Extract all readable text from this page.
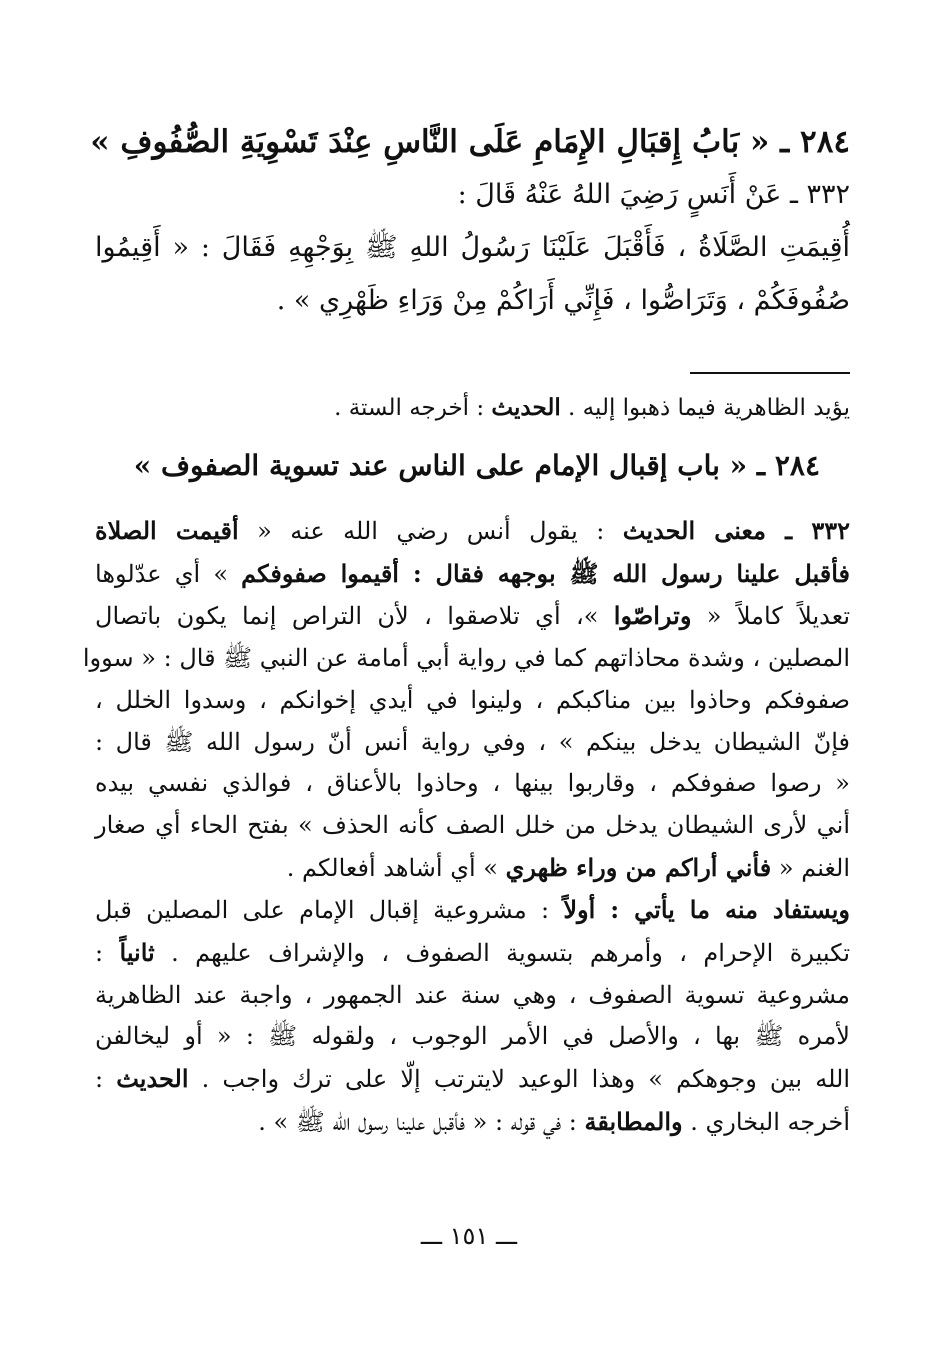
٢٨٤ ـ « بَابُ إِقبَالِ الإِمَامِ عَلَى النَّاسِ عِنْدَ تَسْوِيَةِ الصُّفُوفِ »
٣٣٢ ـ عَنْ أَنَسٍ رَضِيَ اللهُ عَنْهُ قَالَ :
أُقِيمَتِ الصَّلَاةُ ، فَأَقْبَلَ عَلَيْنَا رَسُولُ اللهِ ﷺ بِوَجْهِهِ فَقَالَ : « أَقِيمُوا
صُفُوفَكُمْ ، وَتَرَاصُّوا ، فَإِنِّي أَرَاكُمْ مِنْ وَرَاءِ ظَهْرِي » .
يؤيد الظاهرية فيما ذهبوا إليه . الحديث : أخرجه الستة .
٢٨٤ ـ « باب إقبال الإمام على الناس عند تسوية الصفوف »
٣٣٢ ـ معنى الحديث : يقول أنس رضي الله عنه « أقيمت الصلاة
فأقبل علينا رسول الله ﷺ بوجهه فقال : أقيموا صفوفكم » أي عدّلوها
تعديلاً كاملاً « وتراصّوا »، أي تلاصقوا ، لأن التراص إنما يكون باتصال
المصلين ، وشدة محاذاتهم كما في رواية أبي أمامة عن النبي ﷺ قال : « سووا
صفوفكم وحاذوا بين مناكبكم ، ولينوا في أيدي إخوانكم ، وسدوا الخلل ،
فإنّ الشيطان يدخل بينكم » ، وفي رواية أنس أنّ رسول الله ﷺ قال :
« رصوا صفوفكم ، وقاربوا بينها ، وحاذوا بالأعناق ، فوالذي نفسي بيده
أني لأرى الشيطان يدخل من خلل الصف كأنه الحذف » بفتح الحاء أي صغار
الغنم « فأني أراكم من وراء ظهري » أي أشاهد أفعالكم .
ويستفاد منه ما يأتي : أولاً : مشروعية إقبال الإمام على المصلين قبل
تكبيرة الإحرام ، وأمرهم بتسوية الصفوف ، والإشراف عليهم . ثانياً :
مشروعية تسوية الصفوف ، وهي سنة عند الجمهور ، واجبة عند الظاهرية
لأمره ﷺ بها ، والأصل في الأمر الوجوب ، ولقوله ﷺ : « أو ليخالفن
الله بين وجوهكم » وهذا الوعيد لايترتب إلّا على ترك واجب . الحديث :
أخرجه البخاري . والمطابقة : في قوله : « فأقبل علينا رسول الله ﷺ » .
ـــ ١٥١ ـــ
